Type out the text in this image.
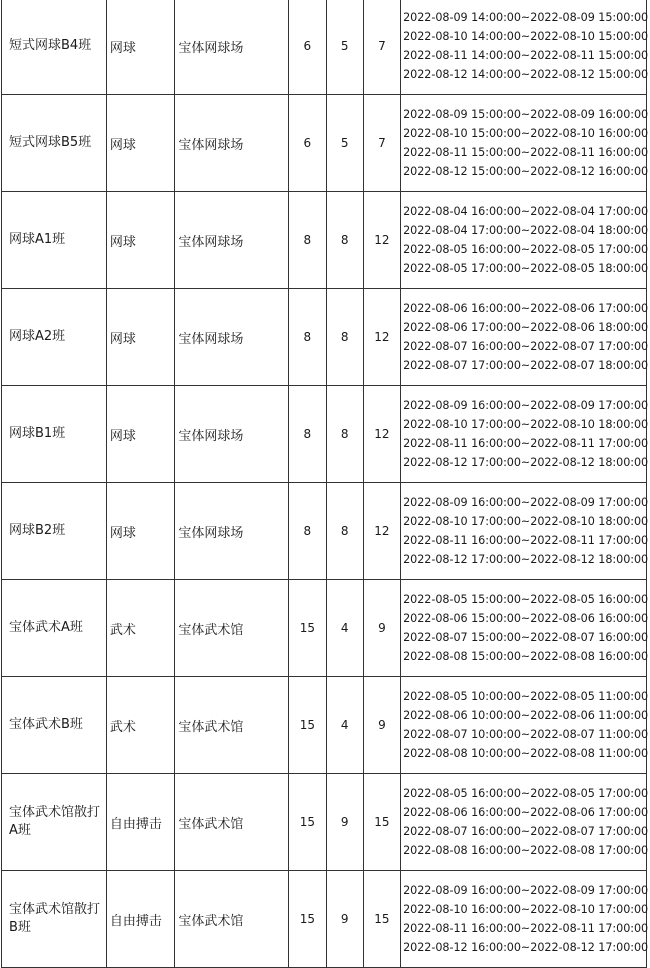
短式网球B4班	网球	宝体网球场	6	5	7	2022-08-09 14:00:00~2022-08-09 15:00:00
2022-08-10 14:00:00~2022-08-10 15:00:00
2022-08-11 14:00:00~2022-08-11 15:00:00
2022-08-12 14:00:00~2022-08-12 15:00:00

短式网球B5班	网球	宝体网球场	6	5	7	2022-08-09 15:00:00~2022-08-09 16:00:00
2022-08-10 15:00:00~2022-08-10 16:00:00
2022-08-11 15:00:00~2022-08-11 16:00:00
2022-08-12 15:00:00~2022-08-12 16:00:00

网球A1班	网球	宝体网球场	8	8	12	2022-08-04 16:00:00~2022-08-04 17:00:00
2022-08-04 17:00:00~2022-08-04 18:00:00
2022-08-05 16:00:00~2022-08-05 17:00:00
2022-08-05 17:00:00~2022-08-05 18:00:00

网球A2班	网球	宝体网球场	8	8	12	2022-08-06 16:00:00~2022-08-06 17:00:00
2022-08-06 17:00:00~2022-08-06 18:00:00
2022-08-07 16:00:00~2022-08-07 17:00:00
2022-08-07 17:00:00~2022-08-07 18:00:00

网球B1班	网球	宝体网球场	8	8	12	2022-08-09 16:00:00~2022-08-09 17:00:00
2022-08-10 17:00:00~2022-08-10 18:00:00
2022-08-11 16:00:00~2022-08-11 17:00:00
2022-08-12 17:00:00~2022-08-12 18:00:00

网球B2班	网球	宝体网球场	8	8	12	2022-08-09 16:00:00~2022-08-09 17:00:00
2022-08-10 17:00:00~2022-08-10 18:00:00
2022-08-11 16:00:00~2022-08-11 17:00:00
2022-08-12 17:00:00~2022-08-12 18:00:00

宝体武术A班	武术	宝体武术馆	15	4	9	2022-08-05 15:00:00~2022-08-05 16:00:00
2022-08-06 15:00:00~2022-08-06 16:00:00
2022-08-07 15:00:00~2022-08-07 16:00:00
2022-08-08 15:00:00~2022-08-08 16:00:00

宝体武术B班	武术	宝体武术馆	15	4	9	2022-08-05 10:00:00~2022-08-05 11:00:00
2022-08-06 10:00:00~2022-08-06 11:00:00
2022-08-07 10:00:00~2022-08-07 11:00:00
2022-08-08 10:00:00~2022-08-08 11:00:00

宝体武术馆散打A班	自由搏击	宝体武术馆	15	9	15	2022-08-05 16:00:00~2022-08-05 17:00:00
2022-08-06 16:00:00~2022-08-06 17:00:00
2022-08-07 16:00:00~2022-08-07 17:00:00
2022-08-08 16:00:00~2022-08-08 17:00:00

宝体武术馆散打B班	自由搏击	宝体武术馆	15	9	15	2022-08-09 16:00:00~2022-08-09 17:00:00
2022-08-10 16:00:00~2022-08-10 17:00:00
2022-08-11 16:00:00~2022-08-11 17:00:00
2022-08-12 16:00:00~2022-08-12 17:00:00
